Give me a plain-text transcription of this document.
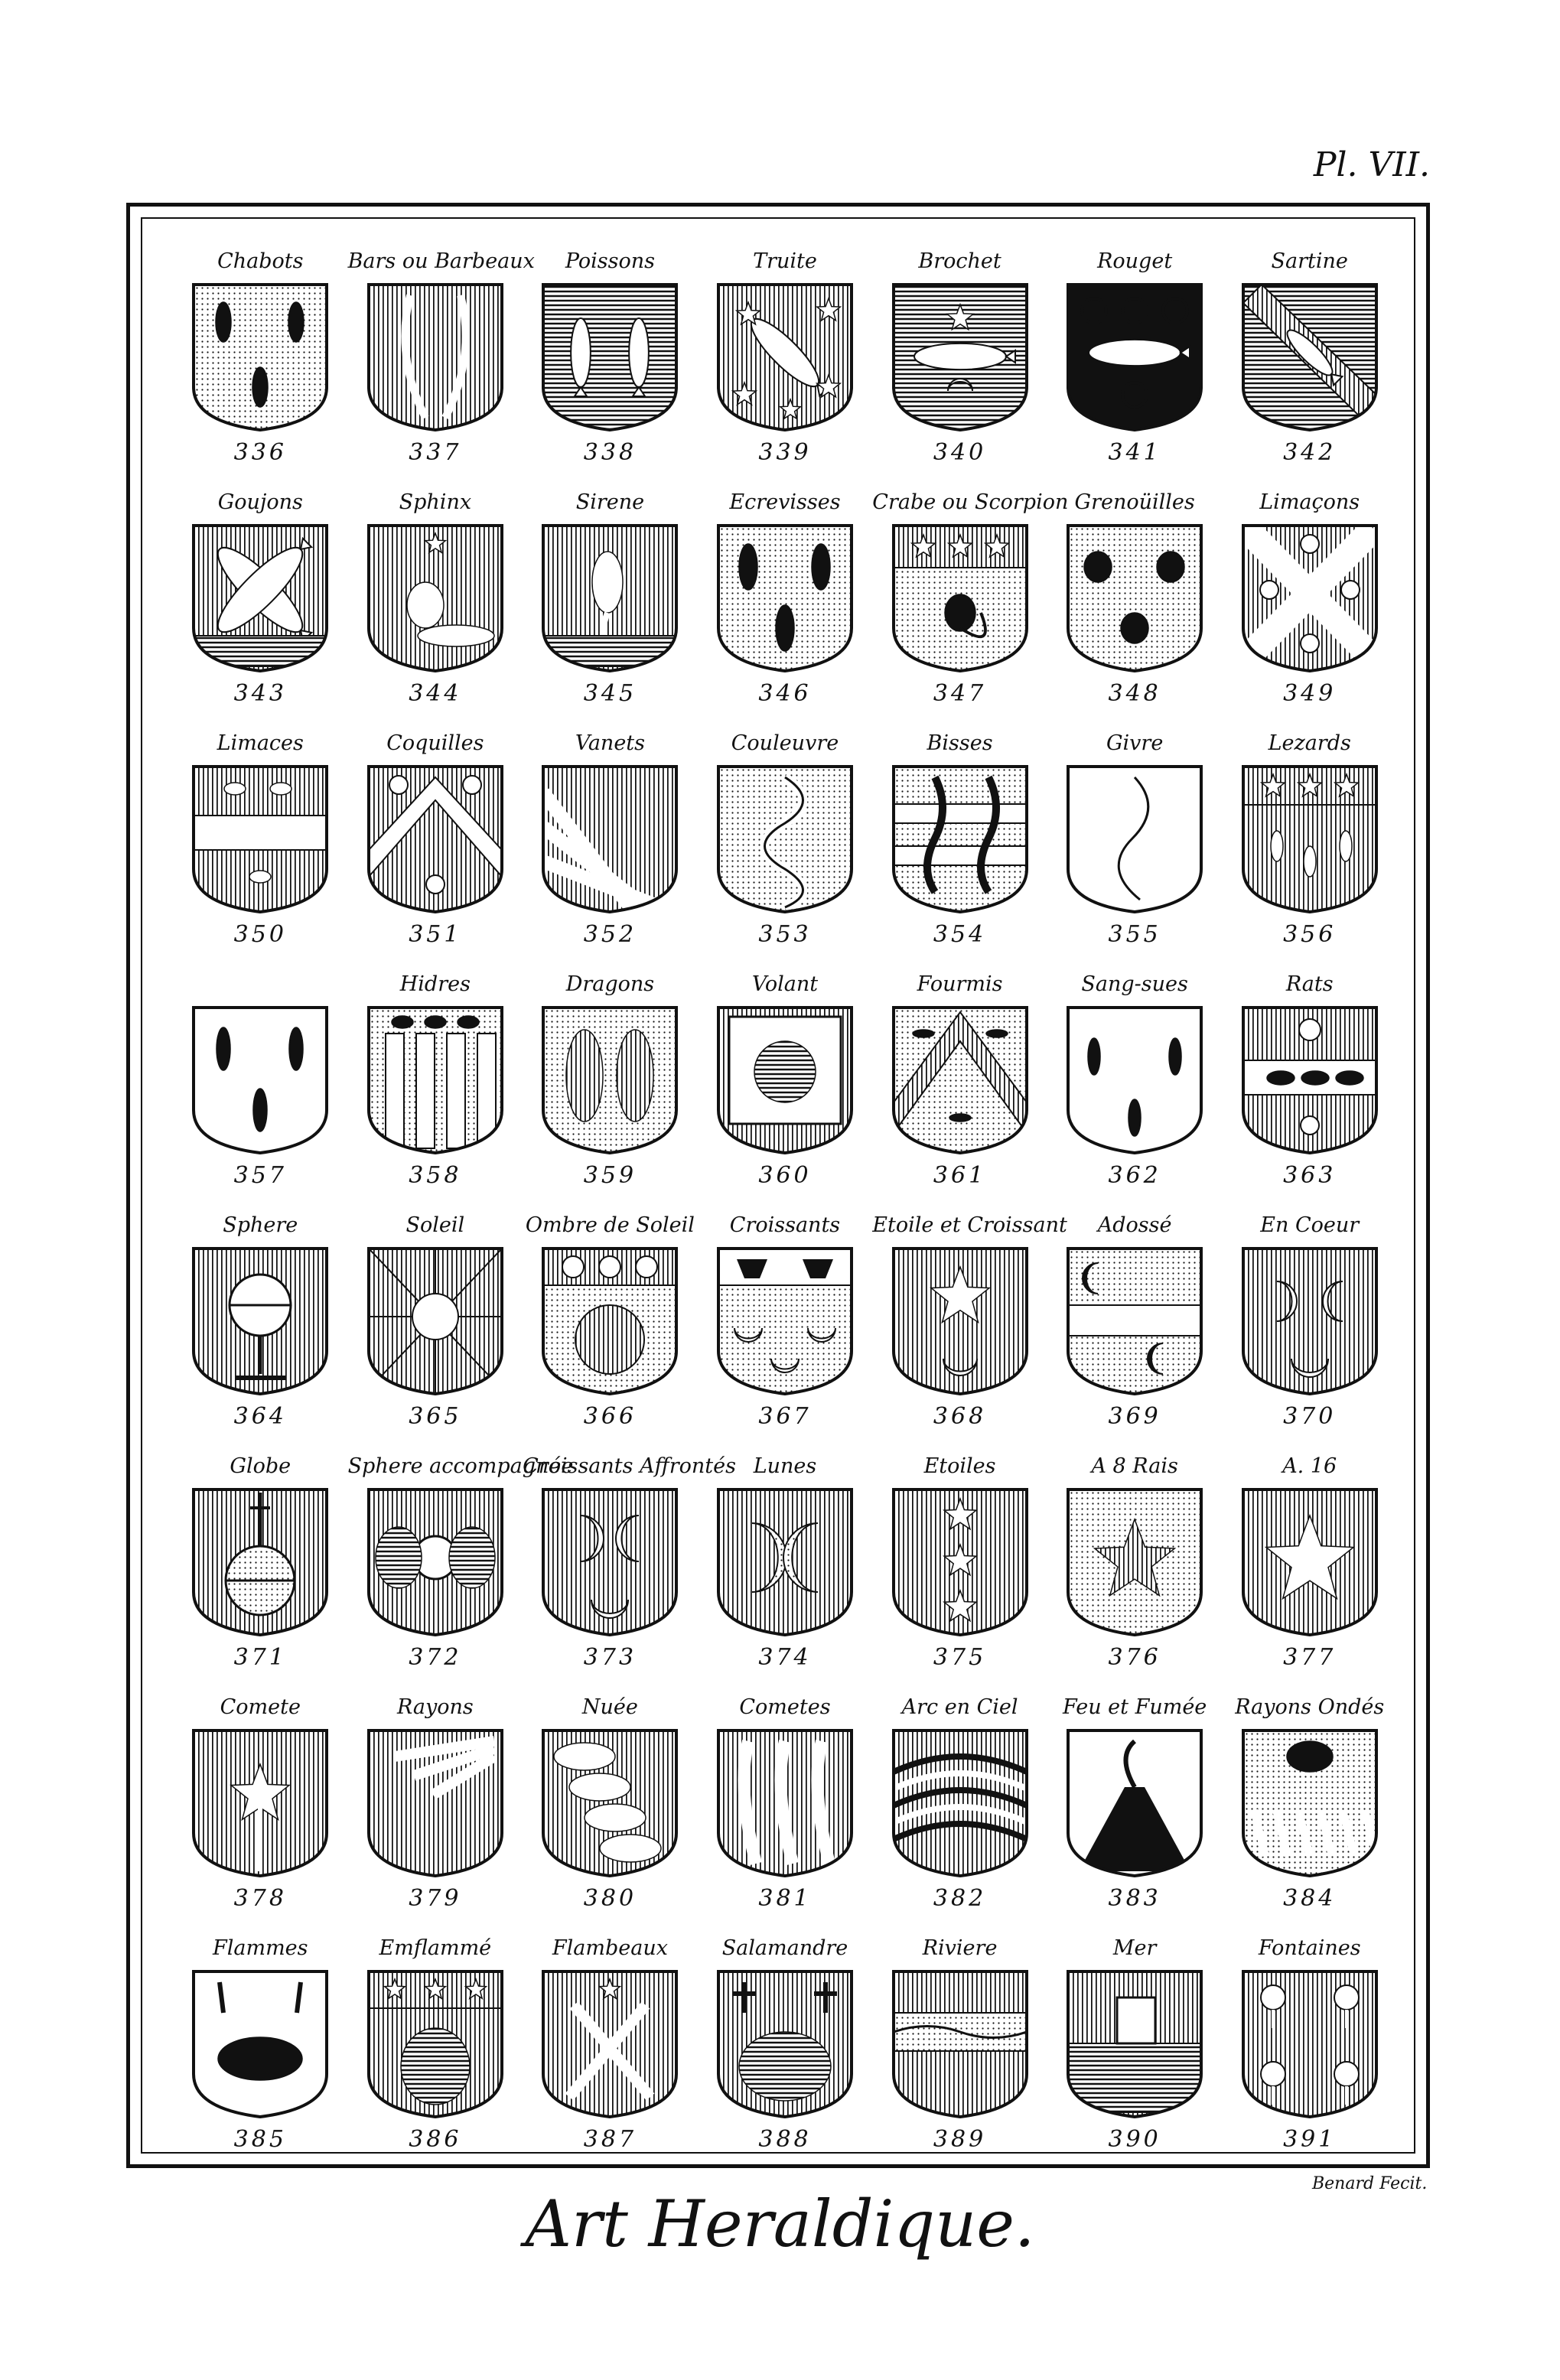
Pl. VII.
Chabots
336
Bars ou Barbeaux
337
Poissons
338
Truite
339
Brochet
340
Rouget
341
Sartine
342
Goujons
343
Sphinx
344
Sirene
345
Ecrevisses
346
Crabe ou Scorpion
347
Grenoüilles
348
Limaçons
349
Limaces
350
Coquilles
351
Vanets
352
Couleuvre
353
Bisses
354
Givre
355
Lezards
356
357
Hidres
358
Dragons
359
Volant
360
Fourmis
361
Sang-sues
362
Rats
363
Sphere
364
Soleil
365
Ombre de Soleil
366
Croissants
367
Etoile et Croissant
368
Adossé
369
En Coeur
370
Globe
371
Sphere accompagnée
372
Croissants Affrontés
373
Lunes
374
Etoiles
375
A 8 Rais
376
A. 16
377
Comete
378
Rayons
379
Nuée
380
Cometes
381
Arc en Ciel
382
Feu et Fumée
383
Rayons Ondés
384
Flammes
385
Emflammé
386
Flambeaux
387
Salamandre
388
Riviere
389
Mer
390
Fontaines
391
Benard Fecit.
Art Heraldique.
